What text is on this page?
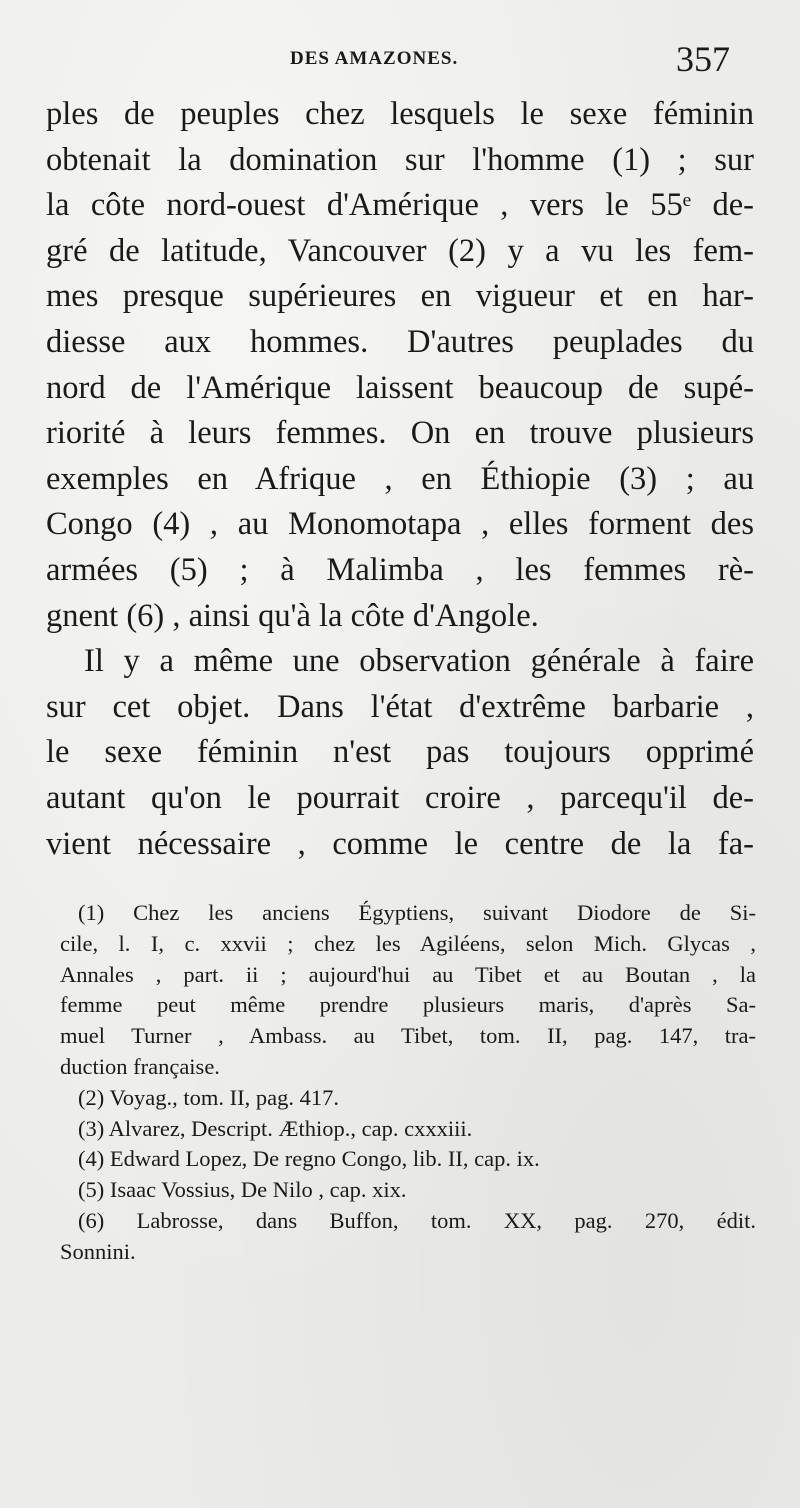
DES AMAZONES.	357
ples de peuples chez lesquels le sexe féminin
obtenait la domination sur l'homme (1) ; sur
la côte nord-ouest d'Amérique , vers le 55ᵉ de-
gré de latitude, Vancouver (2) y a vu les fem-
mes presque supérieures en vigueur et en har-
diesse aux hommes. D'autres peuplades du
nord de l'Amérique laissent beaucoup de supé-
riorité à leurs femmes. On en trouve plusieurs
exemples en Afrique , en Éthiopie (3) ; au
Congo (4) , au Monomotapa , elles forment des
armées (5) ; à Malimba , les femmes rè-
gnent (6) , ainsi qu'à la côte d'Angole.
Il y a même une observation générale à faire
sur cet objet. Dans l'état d'extrême barbarie ,
le sexe féminin n'est pas toujours opprimé
autant qu'on le pourrait croire , parcequ'il de-
vient nécessaire , comme le centre de la fa-
(1) Chez les anciens Égyptiens, suivant Diodore de Si-
cile, l. I, c. xxvii ; chez les Agiléens, selon Mich. Glycas ,
Annales , part. ii ; aujourd'hui au Tibet et au Boutan , la
femme peut même prendre plusieurs maris, d'après Sa-
muel Turner , Ambass. au Tibet, tom. II, pag. 147, tra-
duction française.
(2) Voyag., tom. II, pag. 417.
(3) Alvarez, Descript. Æthiop., cap. cxxxiii.
(4) Edward Lopez, De regno Congo, lib. II, cap. ix.
(5) Isaac Vossius, De Nilo , cap. xix.
(6) Labrosse, dans Buffon, tom. XX, pag. 270, édit.
Sonnini.
